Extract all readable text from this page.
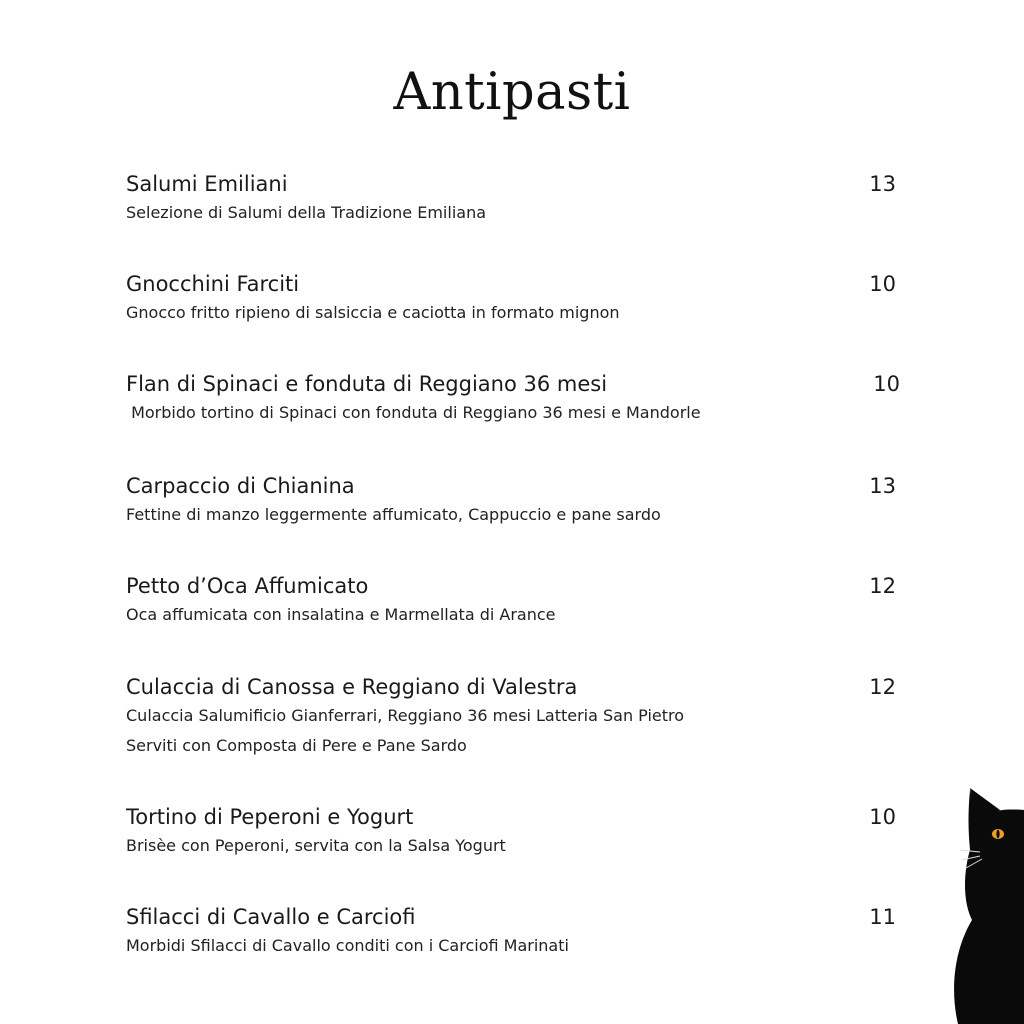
Antipasti
Salumi Emiliani	13
Selezione di Salumi della Tradizione Emiliana
Gnocchini Farciti	10
Gnocco fritto ripieno di salsiccia e caciotta in formato mignon
Flan di Spinaci e fonduta di Reggiano 36 mesi	10
Morbido tortino di Spinaci con fonduta di Reggiano 36 mesi e Mandorle
Carpaccio di Chianina	13
Fettine di manzo leggermente affumicato, Cappuccio e pane sardo
Petto d’Oca Affumicato	12
Oca affumicata con insalatina e Marmellata di Arance
Culaccia di Canossa e Reggiano di Valestra	12
Culaccia Salumificio Gianferrari, Reggiano 36 mesi Latteria San Pietro
Serviti con Composta di Pere e Pane Sardo
Tortino di Peperoni e Yogurt	10
Brisèe con Peperoni, servita con la Salsa Yogurt
Sfilacci di Cavallo e Carciofi	11
Morbidi Sfilacci di Cavallo conditi con i Carciofi Marinati
